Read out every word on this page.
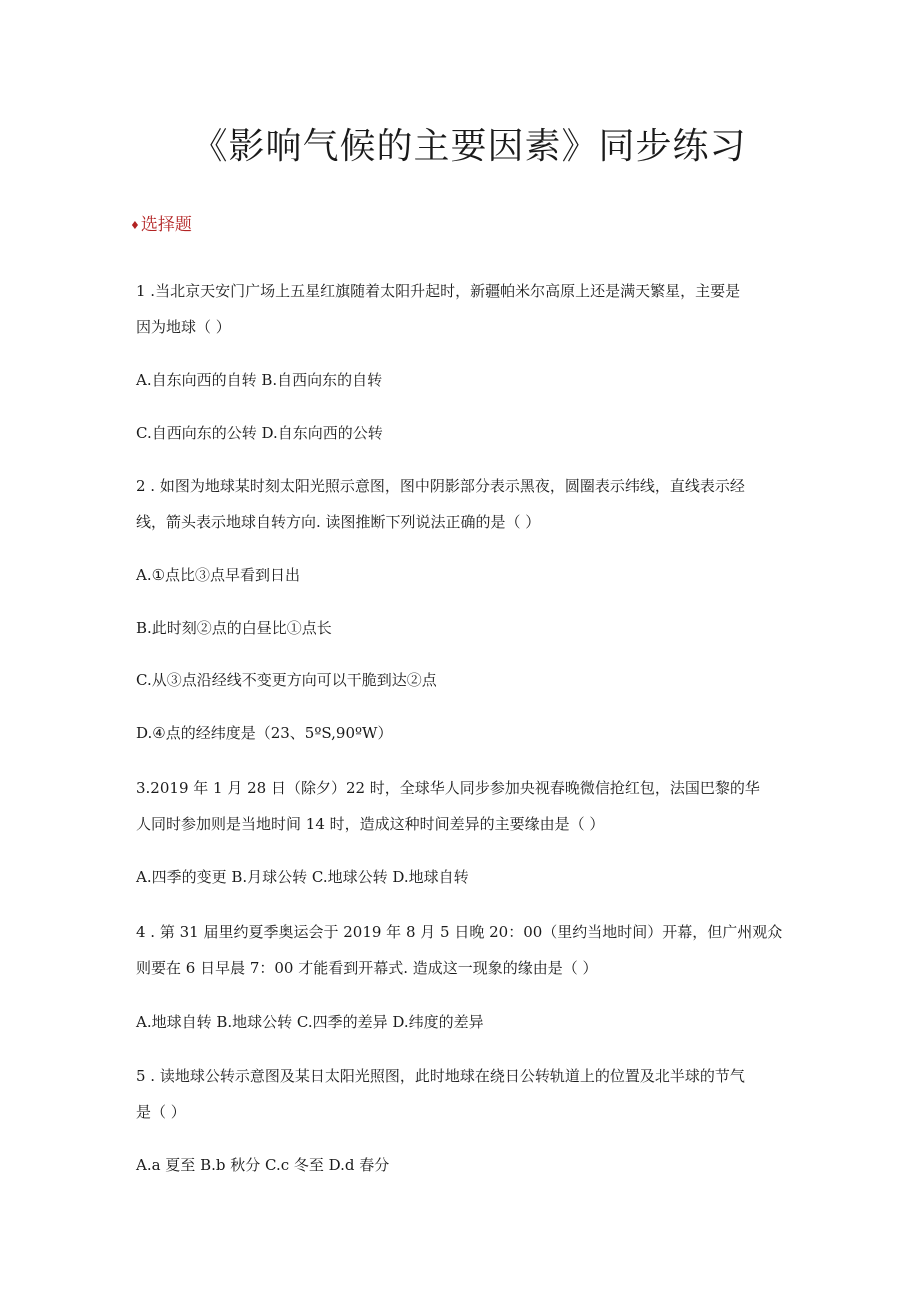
《影响气候的主要因素》同步练习
♦选择题
1 .当北京天安门广场上五星红旗随着太阳升起时，新疆帕米尔高原上还是满天繁星，主要是
因为地球（ ）
A.自东向西的自转 B.自西向东的自转
C.自西向东的公转 D.自东向西的公转
2 . 如图为地球某时刻太阳光照示意图，图中阴影部分表示黑夜，圆圈表示纬线，直线表示经
线，箭头表示地球自转方向. 读图推断下列说法正确的是（ ）
A.①点比③点早看到日出
B.此时刻②点的白昼比①点长
C.从③点沿经线不变更方向可以干脆到达②点
D.④点的经纬度是（23、5ºS,90ºW）
3.2019 年 1 月 28 日（除夕）22 时，全球华人同步参加央视春晚微信抢红包，法国巴黎的华
人同时参加则是当地时间 14 时，造成这种时间差异的主要缘由是（ ）
A.四季的变更 B.月球公转 C.地球公转 D.地球自转
4 . 第 31 届里约夏季奥运会于 2019 年 8 月 5 日晚 20：00（里约当地时间）开幕，但广州观众
则要在 6 日早晨 7：00 才能看到开幕式. 造成这一现象的缘由是（ ）
A.地球自转 B.地球公转 C.四季的差异 D.纬度的差异
5 . 读地球公转示意图及某日太阳光照图，此时地球在绕日公转轨道上的位置及北半球的节气
是（ ）
A.a 夏至 B.b 秋分 C.c 冬至 D.d 春分
